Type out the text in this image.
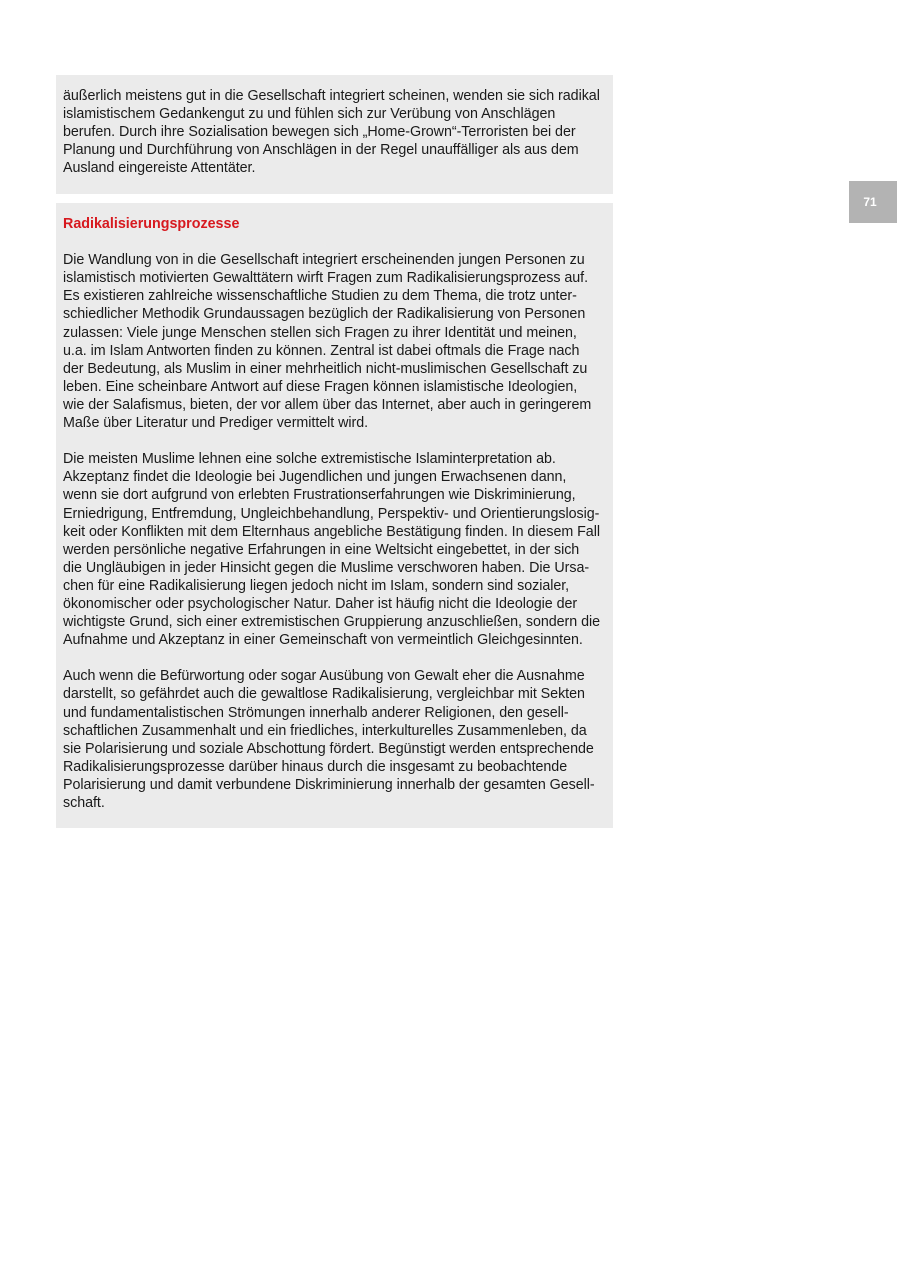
äußerlich meistens gut in die Gesellschaft integriert scheinen, wenden sie sich radikal
islamistischem Gedankengut zu und fühlen sich zur Verübung von Anschlägen
berufen. Durch ihre Sozialisation bewegen sich „Home-Grown“-Terroristen bei der
Planung und Durchführung von Anschlägen in der Regel unauffälliger als aus dem
Ausland eingereiste Attentäter.
Radikalisierungsprozesse
Die Wandlung von in die Gesellschaft integriert erscheinenden jungen Personen zu
islamistisch motivierten Gewalttätern wirft Fragen zum Radikalisierungsprozess auf.
Es existieren zahlreiche wissenschaftliche Studien zu dem Thema, die trotz unter-
schiedlicher Methodik Grundaussagen bezüglich der Radikalisierung von Personen
zulassen: Viele junge Menschen stellen sich Fragen zu ihrer Identität und meinen,
u.a. im Islam Antworten finden zu können. Zentral ist dabei oftmals die Frage nach
der Bedeutung, als Muslim in einer mehrheitlich nicht-muslimischen Gesellschaft zu
leben. Eine scheinbare Antwort auf diese Fragen können islamistische Ideologien,
wie der Salafismus, bieten, der vor allem über das Internet, aber auch in geringerem
Maße über Literatur und Prediger vermittelt wird.
Die meisten Muslime lehnen eine solche extremistische Islaminterpretation ab.
Akzeptanz findet die Ideologie bei Jugendlichen und jungen Erwachsenen dann,
wenn sie dort aufgrund von erlebten Frustrationserfahrungen wie Diskriminierung,
Erniedrigung, Entfremdung, Ungleichbehandlung, Perspektiv- und Orientierungslosig-
keit oder Konflikten mit dem Elternhaus angebliche Bestätigung finden. In diesem Fall
werden persönliche negative Erfahrungen in eine Weltsicht eingebettet, in der sich
die Ungläubigen in jeder Hinsicht gegen die Muslime verschworen haben. Die Ursa-
chen für eine Radikalisierung liegen jedoch nicht im Islam, sondern sind sozialer,
ökonomischer oder psychologischer Natur. Daher ist häufig nicht die Ideologie der
wichtigste Grund, sich einer extremistischen Gruppierung anzuschließen, sondern die
Aufnahme und Akzeptanz in einer Gemeinschaft von vermeintlich Gleichgesinnten.
Auch wenn die Befürwortung oder sogar Ausübung von Gewalt eher die Ausnahme
darstellt, so gefährdet auch die gewaltlose Radikalisierung, vergleichbar mit Sekten
und fundamentalistischen Strömungen innerhalb anderer Religionen, den gesell-
schaftlichen Zusammenhalt und ein friedliches, interkulturelles Zusammenleben, da
sie Polarisierung und soziale Abschottung fördert. Begünstigt werden entsprechende
Radikalisierungsprozesse darüber hinaus durch die insgesamt zu beobachtende
Polarisierung und damit verbundene Diskriminierung innerhalb der gesamten Gesell-
schaft.
71
